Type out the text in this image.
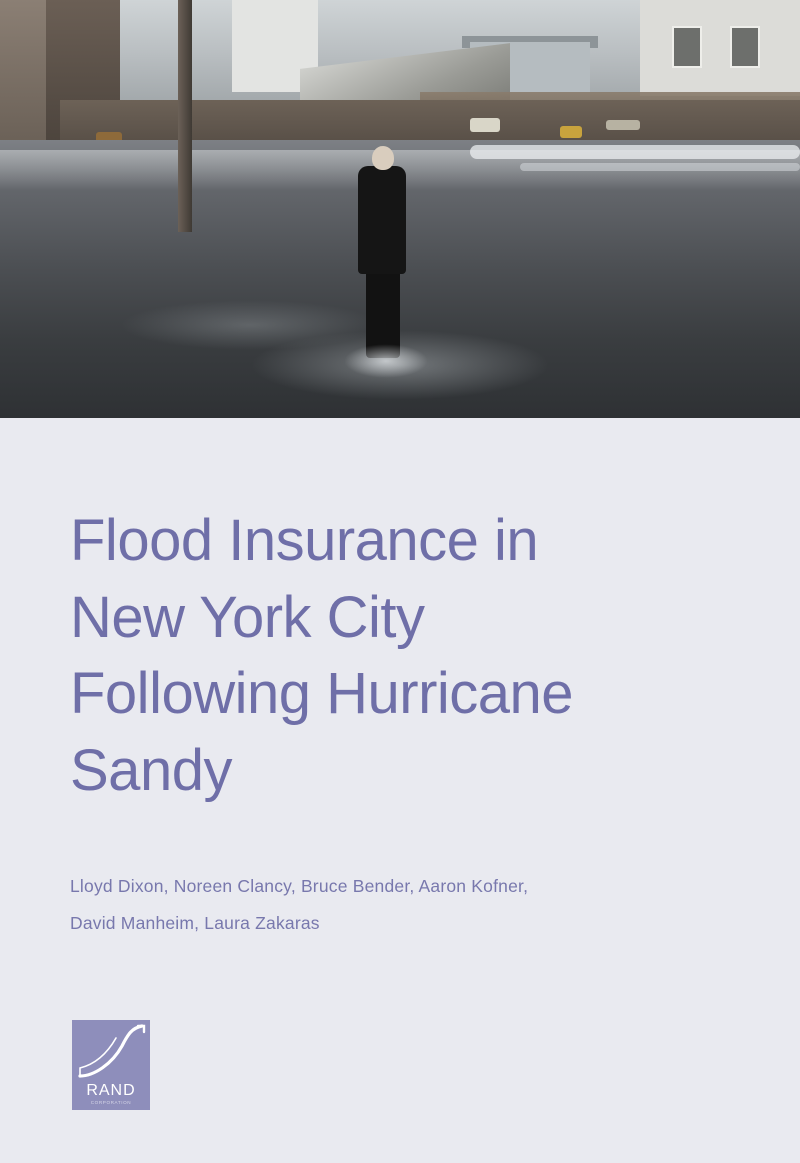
Flood Insurance in
New York City
Following Hurricane
Sandy
Lloyd Dixon, Noreen Clancy, Bruce Bender, Aaron Kofner,
David Manheim, Laura Zakaras
RAND
CORPORATION
